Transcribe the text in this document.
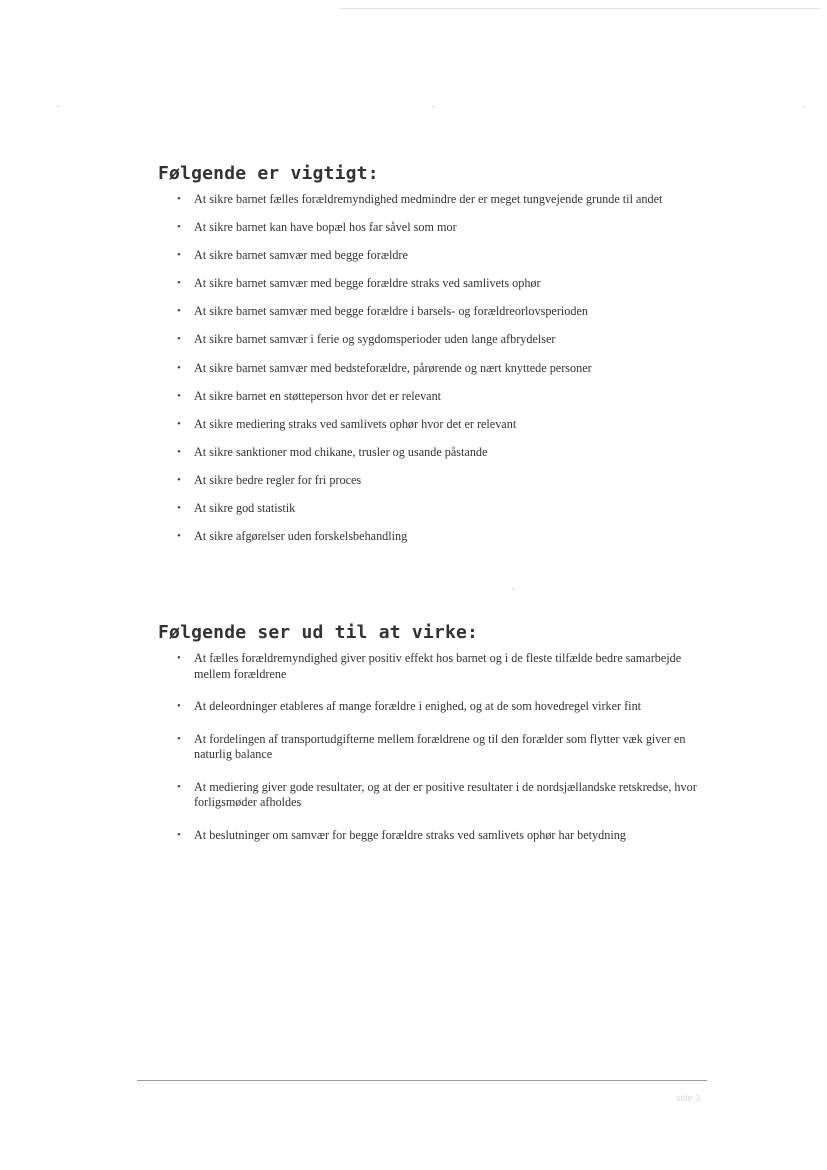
Følgende er vigtigt:
• At sikre barnet fælles forældremyndighed medmindre der er meget tungvejende grunde til andet
• At sikre barnet kan have bopæl hos far såvel som mor
• At sikre barnet samvær med begge forældre
• At sikre barnet samvær med begge forældre straks ved samlivets ophør
• At sikre barnet samvær med begge forældre i barsels- og forældreorlovsperioden
• At sikre barnet samvær i ferie og sygdomsperioder uden lange afbrydelser
• At sikre barnet samvær med bedsteforældre, pårørende og nært knyttede personer
• At sikre barnet en støtteperson hvor det er relevant
• At sikre mediering straks ved samlivets ophør hvor det er relevant
• At sikre sanktioner mod chikane, trusler og usande påstande
• At sikre bedre regler for fri proces
• At sikre god statistik
• At sikre afgørelser uden forskelsbehandling
Følgende ser ud til at virke:
• At fælles forældremyndighed giver positiv effekt hos barnet og i de fleste tilfælde bedre samarbejde mellem forældrene
• At deleordninger etableres af mange forældre i enighed, og at de som hovedregel virker fint
• At fordelingen af transportudgifterne mellem forældrene og til den forælder som flytter væk giver en naturlig balance
• At mediering giver gode resultater, og at der er positive resultater i de nordsjællandske retskredse, hvor forligsmøder afholdes
• At beslutninger om samvær for begge forældre straks ved samlivets ophør har betydning
side 3
